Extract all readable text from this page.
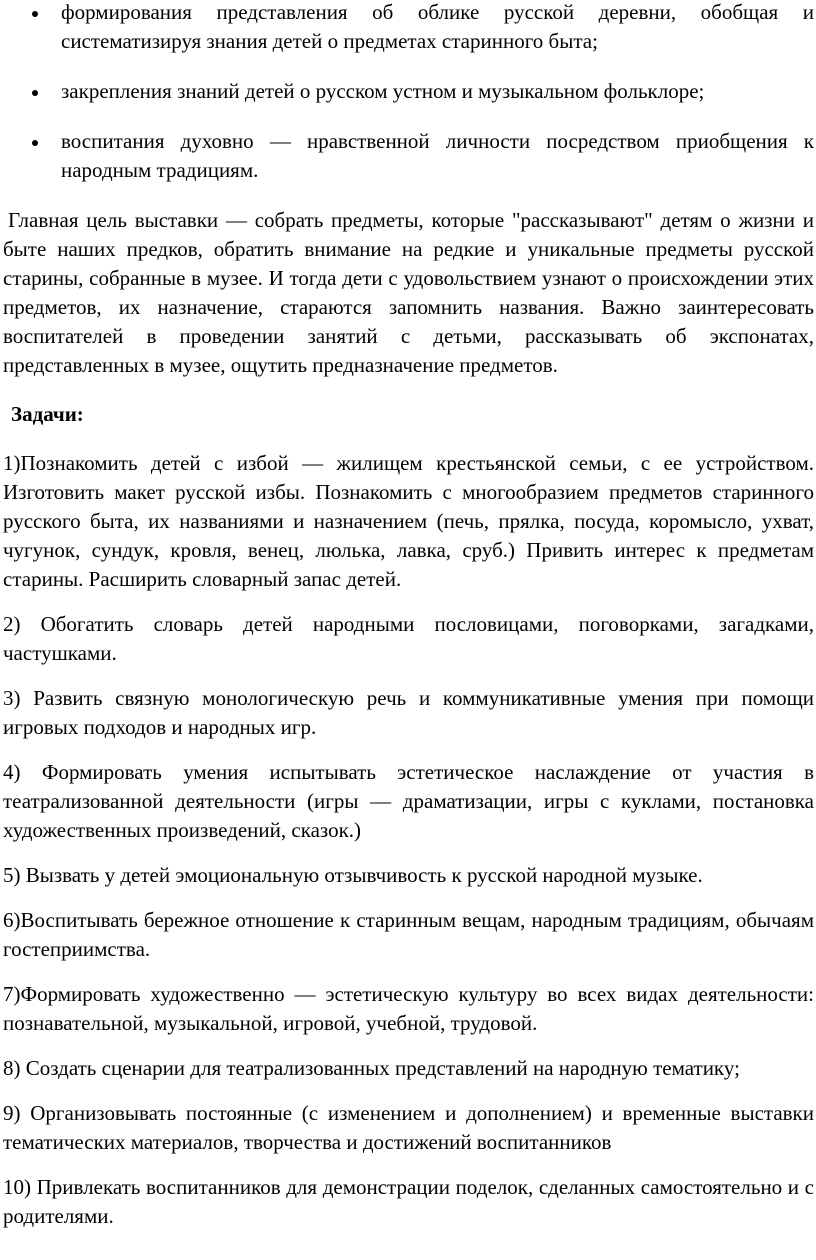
формирования представления об облике русской деревни, обобщая и систематизируя знания детей о предметах старинного быта;

закрепления знаний детей о русском устном и музыкальном фольклоре;

воспитания духовно — нравственной личности посредством приобщения к народным традициям.

Главная цель выставки — собрать предметы, которые "рассказывают" детям о жизни и быте наших предков, обратить внимание на редкие и уникальные предметы русской старины, собранные в музее. И тогда дети с удовольствием узнают о происхождении этих предметов, их назначение, стараются запомнить названия. Важно заинтересовать воспитателей в проведении занятий с детьми, рассказывать об экспонатах, представленных в музее, ощутить предназначение предметов.

Задачи:

1)Познакомить детей с избой — жилищем крестьянской семьи, с ее устройством. Изготовить макет русской избы. Познакомить с многообразием предметов старинного русского быта, их названиями и назначением (печь, прялка, посуда, коромысло, ухват, чугунок, сундук, кровля, венец, люлька, лавка, сруб.) Привить интерес к предметам старины. Расширить словарный запас детей.

2) Обогатить словарь детей народными пословицами, поговорками, загадками, частушками.

3) Развить связную монологическую речь и коммуникативные умения при помощи игровых подходов и народных игр.

4) Формировать умения испытывать эстетическое наслаждение от участия в театрализованной деятельности (игры — драматизации, игры с куклами, постановка художественных произведений, сказок.)

5) Вызвать у детей эмоциональную отзывчивость к русской народной музыке.

6)Воспитывать бережное отношение к старинным вещам, народным традициям, обычаям гостеприимства.

7)Формировать художественно — эстетическую культуру во всех видах деятельности: познавательной, музыкальной, игровой, учебной, трудовой.

8) Создать сценарии для театрализованных представлений на народную тематику;

9) Организовывать постоянные (с изменением и дополнением) и временные выставки тематических материалов, творчества и достижений воспитанников

10) Привлекать воспитанников для демонстрации поделок, сделанных самостоятельно и с родителями.
